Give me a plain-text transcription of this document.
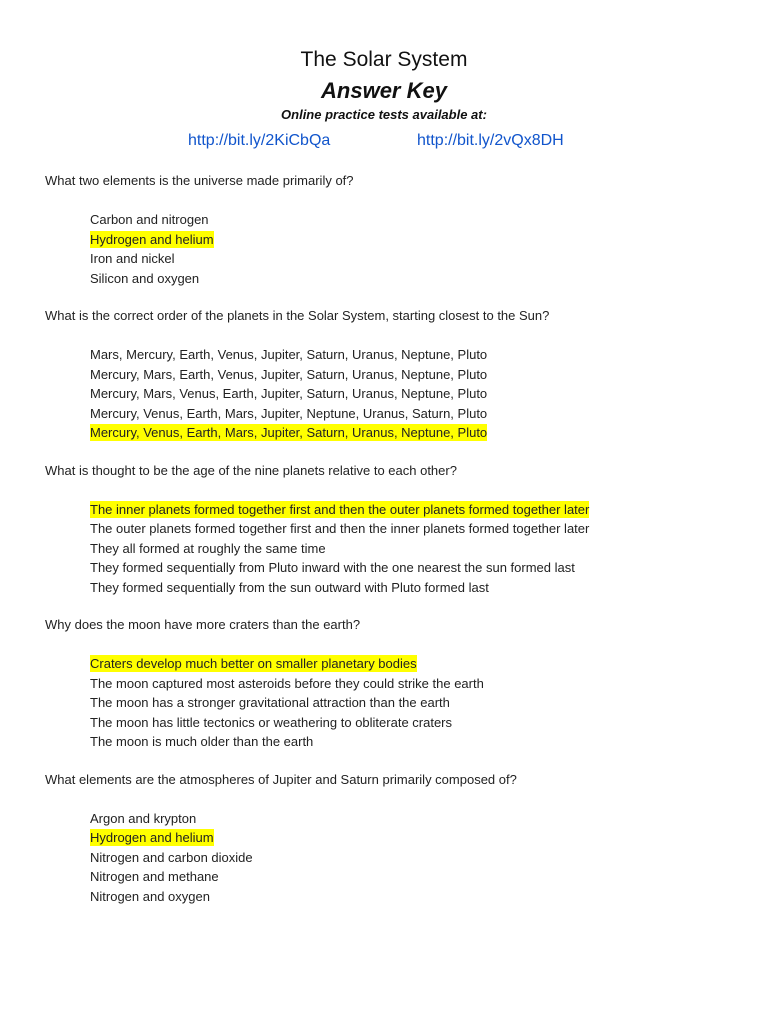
The Solar System
Answer Key
Online practice tests available at:
http://bit.ly/2KiCbQa	http://bit.ly/2vQx8DH
What two elements is the universe made primarily of?
Carbon and nitrogen
Hydrogen and helium
Iron and nickel
Silicon and oxygen
What is the correct order of the planets in the Solar System, starting closest to the Sun?
Mars, Mercury, Earth, Venus, Jupiter, Saturn, Uranus, Neptune, Pluto
Mercury, Mars, Earth, Venus, Jupiter, Saturn, Uranus, Neptune, Pluto
Mercury, Mars, Venus, Earth, Jupiter, Saturn, Uranus, Neptune, Pluto
Mercury, Venus, Earth, Mars, Jupiter, Neptune, Uranus, Saturn, Pluto
Mercury, Venus, Earth, Mars, Jupiter, Saturn, Uranus, Neptune, Pluto
What is thought to be the age of the nine planets relative to each other?
The inner planets formed together first and then the outer planets formed together later
The outer planets formed together first and then the inner planets formed together later
They all formed at roughly the same time
They formed sequentially from Pluto inward with the one nearest the sun formed last
They formed sequentially from the sun outward with Pluto formed last
Why does the moon have more craters than the earth?
Craters develop much better on smaller planetary bodies
The moon captured most asteroids before they could strike the earth
The moon has a stronger gravitational attraction than the earth
The moon has little tectonics or weathering to obliterate craters
The moon is much older than the earth
What elements are the atmospheres of Jupiter and Saturn primarily composed of?
Argon and krypton
Hydrogen and helium
Nitrogen and carbon dioxide
Nitrogen and methane
Nitrogen and oxygen
